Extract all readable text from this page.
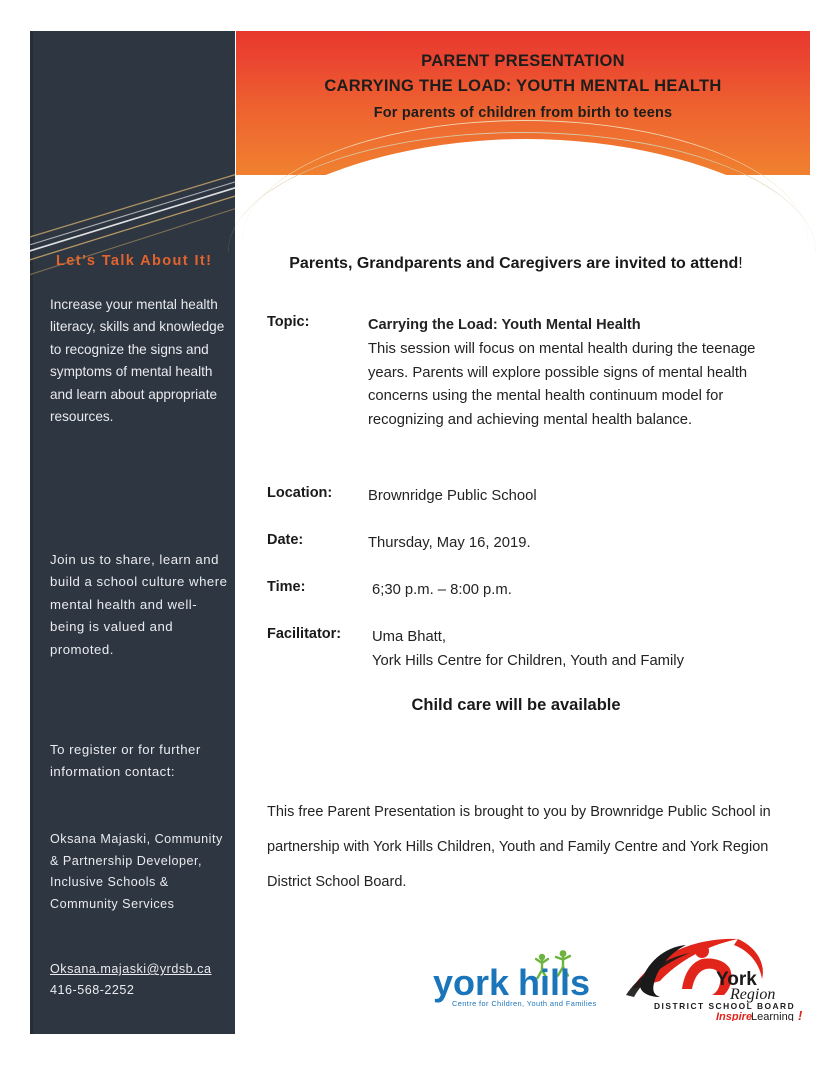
Let’s Talk About It!
Increase your mental health literacy, skills and knowledge to recognize the signs and symptoms of mental health and learn about appropriate resources.
Join us to share, learn and build a school culture where mental health and well-being is valued and promoted.
To register or for further information contact:
Oksana Majaski, Community & Partnership Developer, Inclusive Schools & Community Services
Oksana.majaski@yrdsb.ca
416-568-2252
PARENT PRESENTATION
CARRYING THE LOAD: YOUTH MENTAL HEALTH
For parents of children from birth to teens
Parents, Grandparents and Caregivers are invited to attend!
Topic:	Carrying the Load: Youth Mental Health
This session will focus on mental health during the teenage years. Parents will explore possible signs of mental health concerns using the mental health continuum model for recognizing and achieving mental health balance.
Location: Brownridge Public School
Date:	Thursday, May 16, 2019.
Time:	6;30 p.m. – 8:00 p.m.
Facilitator: Uma Bhatt,
York Hills Centre for Children, Youth and Family
Child care will be available
This free Parent Presentation is brought to you by Brownridge Public School in partnership with York Hills Children, Youth and Family Centre and York Region District School Board.
york hills
Centre for Children, Youth and Families
York
Region
DISTRICT SCHOOL BOARD
Inspire
Learning !
